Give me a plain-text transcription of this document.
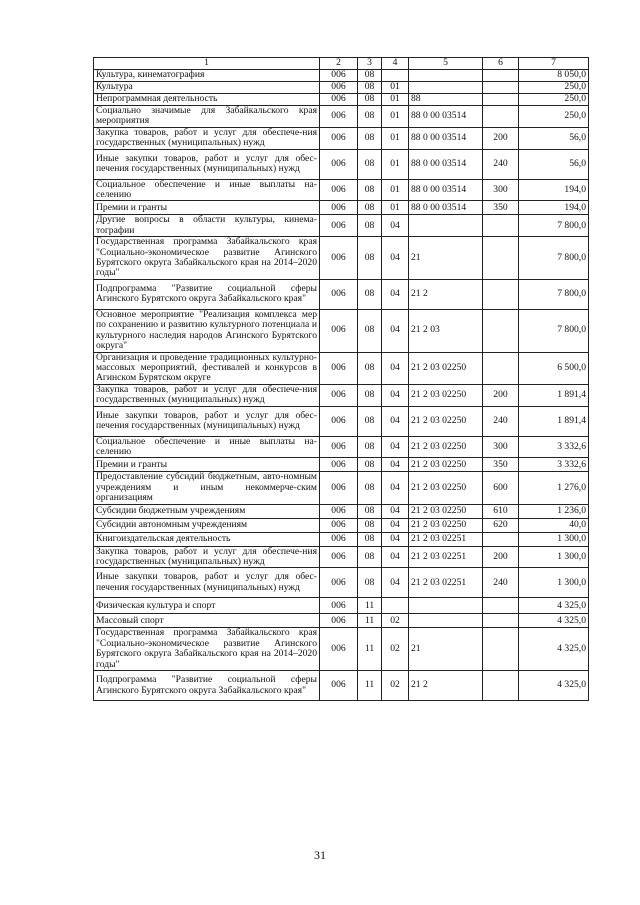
1	2	3	4	5	6	7
Культура, кинематография	006	08				8 050,0
Культура	006	08	01			250,0
Непрограммная деятельность	006	08	01	88		250,0
Социально значимые для Забайкальского края мероприятия	006	08	01	88 0 00 03514		250,0
Закупка товаров, работ и услуг для обеспече-ния государственных (муниципальных) нужд	006	08	01	88 0 00 03514	200	56,0
Иные закупки товаров, работ и услуг для обес-печения государственных (муниципальных) нужд	006	08	01	88 0 00 03514	240	56,0
Социальное обеспечение и иные выплаты на-селению	006	08	01	88 0 00 03514	300	194,0
Премии и гранты	006	08	01	88 0 00 03514	350	194,0
Другие вопросы в области культуры, кинема-тографии	006	08	04			7 800,0
Государственная программа Забайкальского края "Социально-экономическое развитие Агинского Бурятского округа Забайкальского края на 2014–2020 годы"	006	08	04	21		7 800,0
Подпрограмма "Развитие социальной сферы Агинского Бурятского округа Забайкальского края"	006	08	04	21 2		7 800,0
Основное мероприятие "Реализация комплекса мер по сохранению и развитию культурного потенциала и культурного наследия народов Агинского Бурятского округа"	006	08	04	21 2 03		7 800,0
Организация и проведение традиционных культурно-массовых мероприятий, фестивалей и конкурсов в Агинском Бурятском округе	006	08	04	21 2 03 02250		6 500,0
Закупка товаров, работ и услуг для обеспече-ния государственных (муниципальных) нужд	006	08	04	21 2 03 02250	200	1 891,4
Иные закупки товаров, работ и услуг для обес-печения государственных (муниципальных) нужд	006	08	04	21 2 03 02250	240	1 891,4
Социальное обеспечение и иные выплаты на-селению	006	08	04	21 2 03 02250	300	3 332,6
Премии и гранты	006	08	04	21 2 03 02250	350	3 332,6
Предоставление субсидий бюджетным, авто-номным учреждениям и иным некоммерче-ским организациям	006	08	04	21 2 03 02250	600	1 276,0
Субсидии бюджетным учреждениям	006	08	04	21 2 03 02250	610	1 236,0
Субсидии автономным учреждениям	006	08	04	21 2 03 02250	620	40,0
Книгоиздательская деятельность	006	08	04	21 2 03 02251		1 300,0
Закупка товаров, работ и услуг для обеспече-ния государственных (муниципальных) нужд	006	08	04	21 2 03 02251	200	1 300,0
Иные закупки товаров, работ и услуг для обес-печения государственных (муниципальных) нужд	006	08	04	21 2 03 02251	240	1 300,0
Физическая культура и спорт	006	11				4 325,0
Массовый спорт	006	11	02			4 325,0
Государственная программа Забайкальского края "Социально-экономическое развитие Агинского Бурятского округа Забайкальского края на 2014–2020 годы"	006	11	02	21		4 325,0
Подпрограмма "Развитие социальной сферы Агинского Бурятского округа Забайкальского края"	006	11	02	21 2		4 325,0
31
